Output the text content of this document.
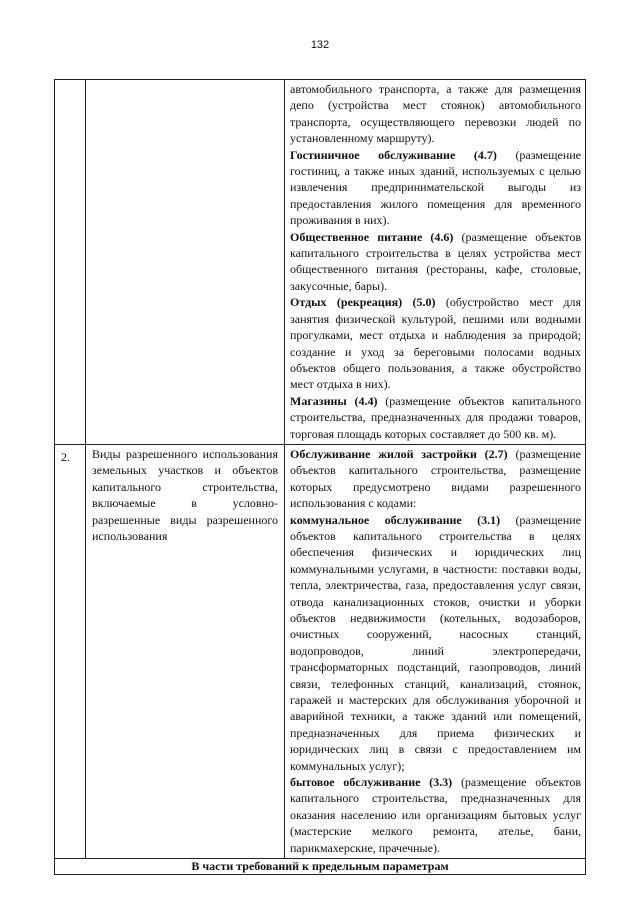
132

		автомобильного транспорта, а также для размещения депо (устройства мест стоянок) автомобильного транспорта, осуществляющего перевозки людей по установленному маршруту).

Гостиничное обслуживание (4.7) (размещение гостиниц, а также иных зданий, используемых с целью извлечения предпринимательской выгоды из предоставления жилого помещения для временного проживания в них).

Общественное питание (4.6) (размещение объектов капитального строительства в целях устройства мест общественного питания (рестораны, кафе, столовые, закусочные, бары).

Отдых (рекреация) (5.0) (обустройство мест для занятия физической культурой, пешими или водными прогулками, мест отдыха и наблюдения за природой; создание и уход за береговыми полосами водных объектов общего пользования, а также обустройство мест отдыха в них).

Магазины (4.4) (размещение объектов капитального строительства, предназначенных для продажи товаров, торговая площадь которых составляет до 500 кв. м).

2.	Виды разрешенного использования земельных участков и объектов капитального строительства, включаемые в условно-разрешенные виды разрешенного использования	Обслуживание жилой застройки (2.7) (размещение объектов капитального строительства, размещение которых предусмотрено видами разрешенного использования с кодами:

коммунальное обслуживание (3.1) (размещение объектов капитального строительства в целях обеспечения физических и юридических лиц коммунальными услугами, в частности: поставки воды, тепла, электричества, газа, предоставления услуг связи, отвода канализационных стоков, очистки и уборки объектов недвижимости (котельных, водозаборов, очистных сооружений, насосных станций, водопроводов, линий электропередачи, трансформаторных подстанций, газопроводов, линий связи, телефонных станций, канализаций, стоянок, гаражей и мастерских для обслуживания уборочной и аварийной техники, а также зданий или помещений, предназначенных для приема физических и юридических лиц в связи с предоставлением им коммунальных услуг);

бытовое обслуживание (3.3) (размещение объектов капитального строительства, предназначенных для оказания населению или организациям бытовых услуг (мастерские мелкого ремонта, ателье, бани, парикмахерские, прачечные).

В части требований к предельным параметрам		
